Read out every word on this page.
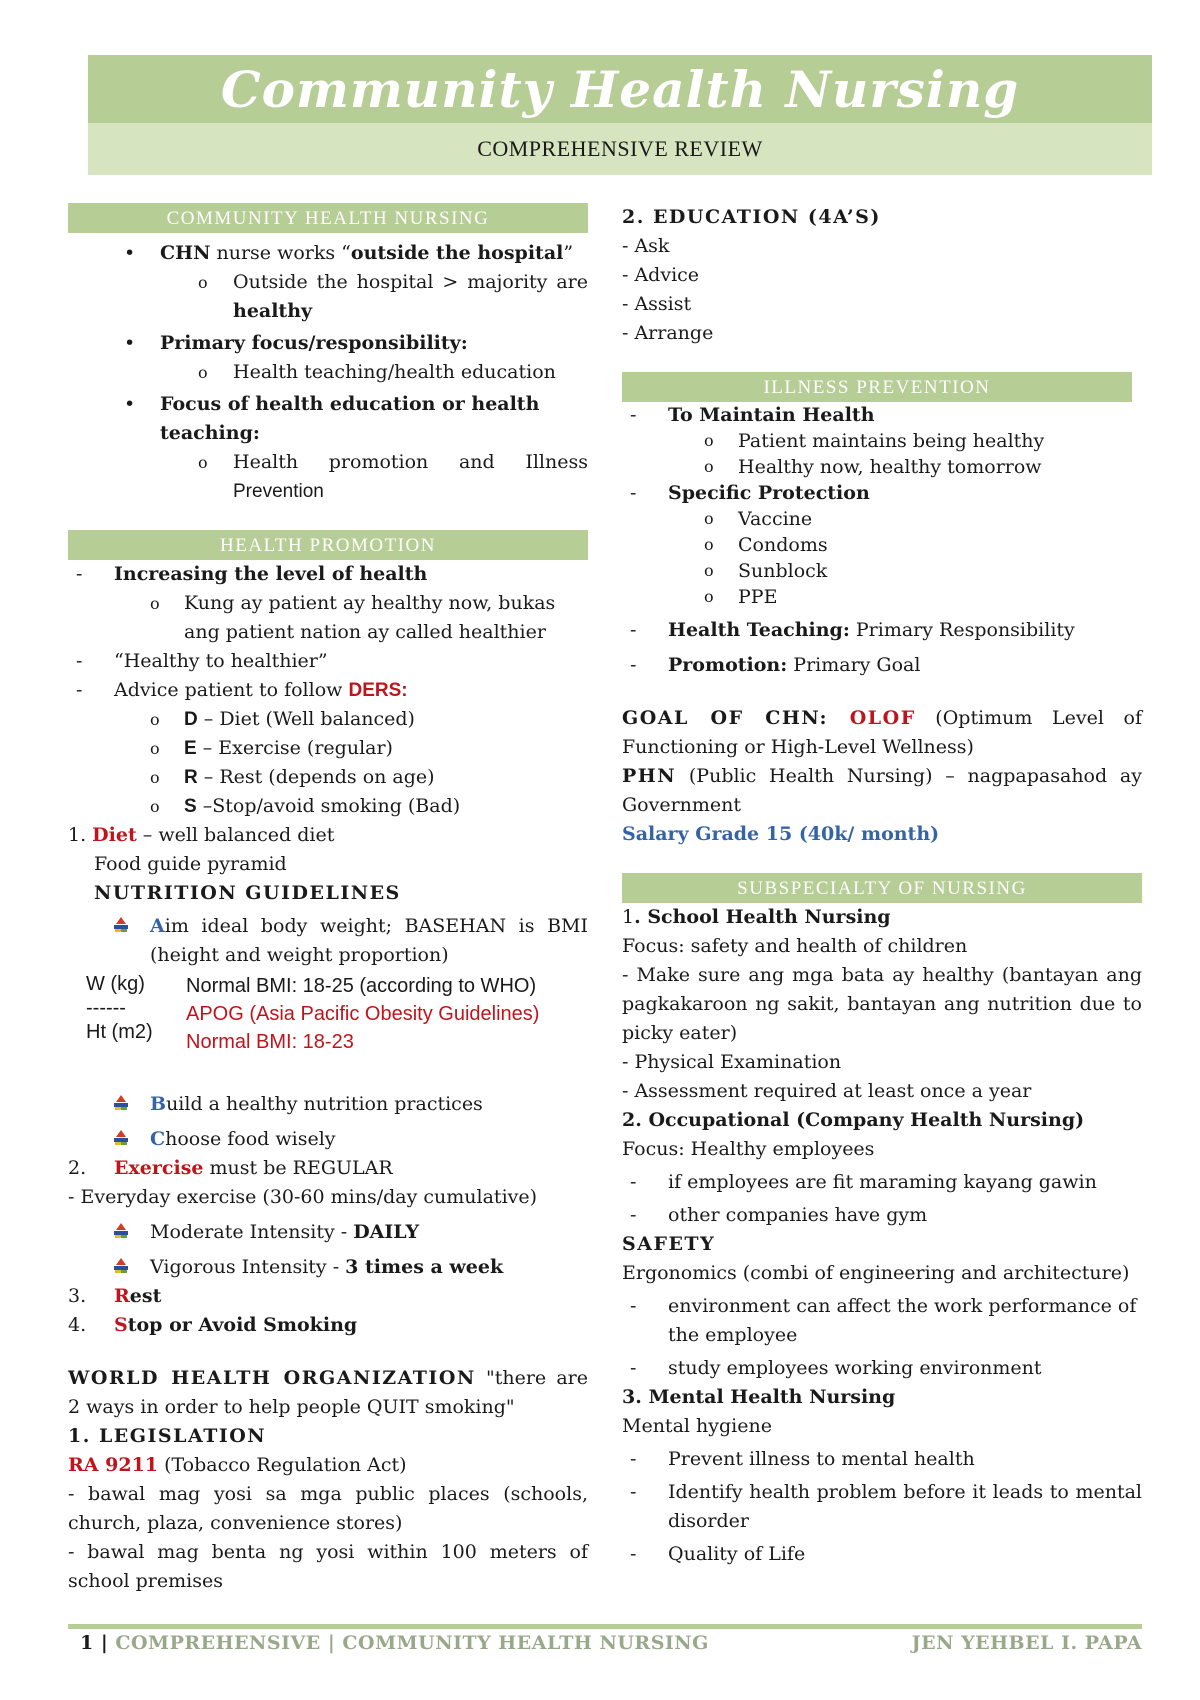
Community Health Nursing
COMPREHENSIVE REVIEW
COMMUNITY HEALTH NURSING
• CHN nurse works “outside the hospital”
o Outside the hospital > majority are healthy
• Primary focus/responsibility:
o Health teaching/health education
• Focus of health education or health teaching:
o Health promotion and Illness Prevention
HEALTH PROMOTION
- Increasing the level of health
o Kung ay patient ay healthy now, bukas ang patient nation ay called healthier
- “Healthy to healthier”
- Advice patient to follow DERS:
o D – Diet (Well balanced)
o E – Exercise (regular)
o R – Rest (depends on age)
o S –Stop/avoid smoking (Bad)
1. Diet – well balanced diet
Food guide pyramid
NUTRITION GUIDELINES
Aim ideal body weight; BASEHAN is BMI (height and weight proportion)
W (kg)
------
Ht (m2)
Normal BMI: 18-25 (according to WHO)
APOG (Asia Pacific Obesity Guidelines)
Normal BMI: 18-23
Build a healthy nutrition practices
Choose food wisely
2. Exercise must be REGULAR
- Everyday exercise (30-60 mins/day cumulative)
Moderate Intensity - DAILY
Vigorous Intensity - 3 times a week
3. Rest
4. Stop or Avoid Smoking
WORLD HEALTH ORGANIZATION "there are 2 ways in order to help people QUIT smoking"
1. LEGISLATION
RA 9211 (Tobacco Regulation Act)
- bawal mag yosi sa mga public places (schools, church, plaza, convenience stores)
- bawal mag benta ng yosi within 100 meters of school premises
2. EDUCATION (4A’S)
- Ask
- Advice
- Assist
- Arrange
ILLNESS PREVENTION
- To Maintain Health
o Patient maintains being healthy
o Healthy now, healthy tomorrow
- Specific Protection
o Vaccine
o Condoms
o Sunblock
o PPE
- Health Teaching: Primary Responsibility
- Promotion: Primary Goal
GOAL OF CHN: OLOF (Optimum Level of Functioning or High-Level Wellness)
PHN (Public Health Nursing) – nagpapasahod ay Government
Salary Grade 15 (40k/ month)
SUBSPECIALTY OF NURSING
1. School Health Nursing
Focus: safety and health of children
- Make sure ang mga bata ay healthy (bantayan ang pagkakaroon ng sakit, bantayan ang nutrition due to picky eater)
- Physical Examination
- Assessment required at least once a year
2. Occupational (Company Health Nursing)
Focus: Healthy employees
- if employees are fit maraming kayang gawin
- other companies have gym
SAFETY
Ergonomics (combi of engineering and architecture)
- environment can affect the work performance of the employee
- study employees working environment
3. Mental Health Nursing
Mental hygiene
- Prevent illness to mental health
- Identify health problem before it leads to mental disorder
- Quality of Life
1 | COMPREHENSIVE | COMMUNITY HEALTH NURSING	JEN YEHBEL I. PAPA
